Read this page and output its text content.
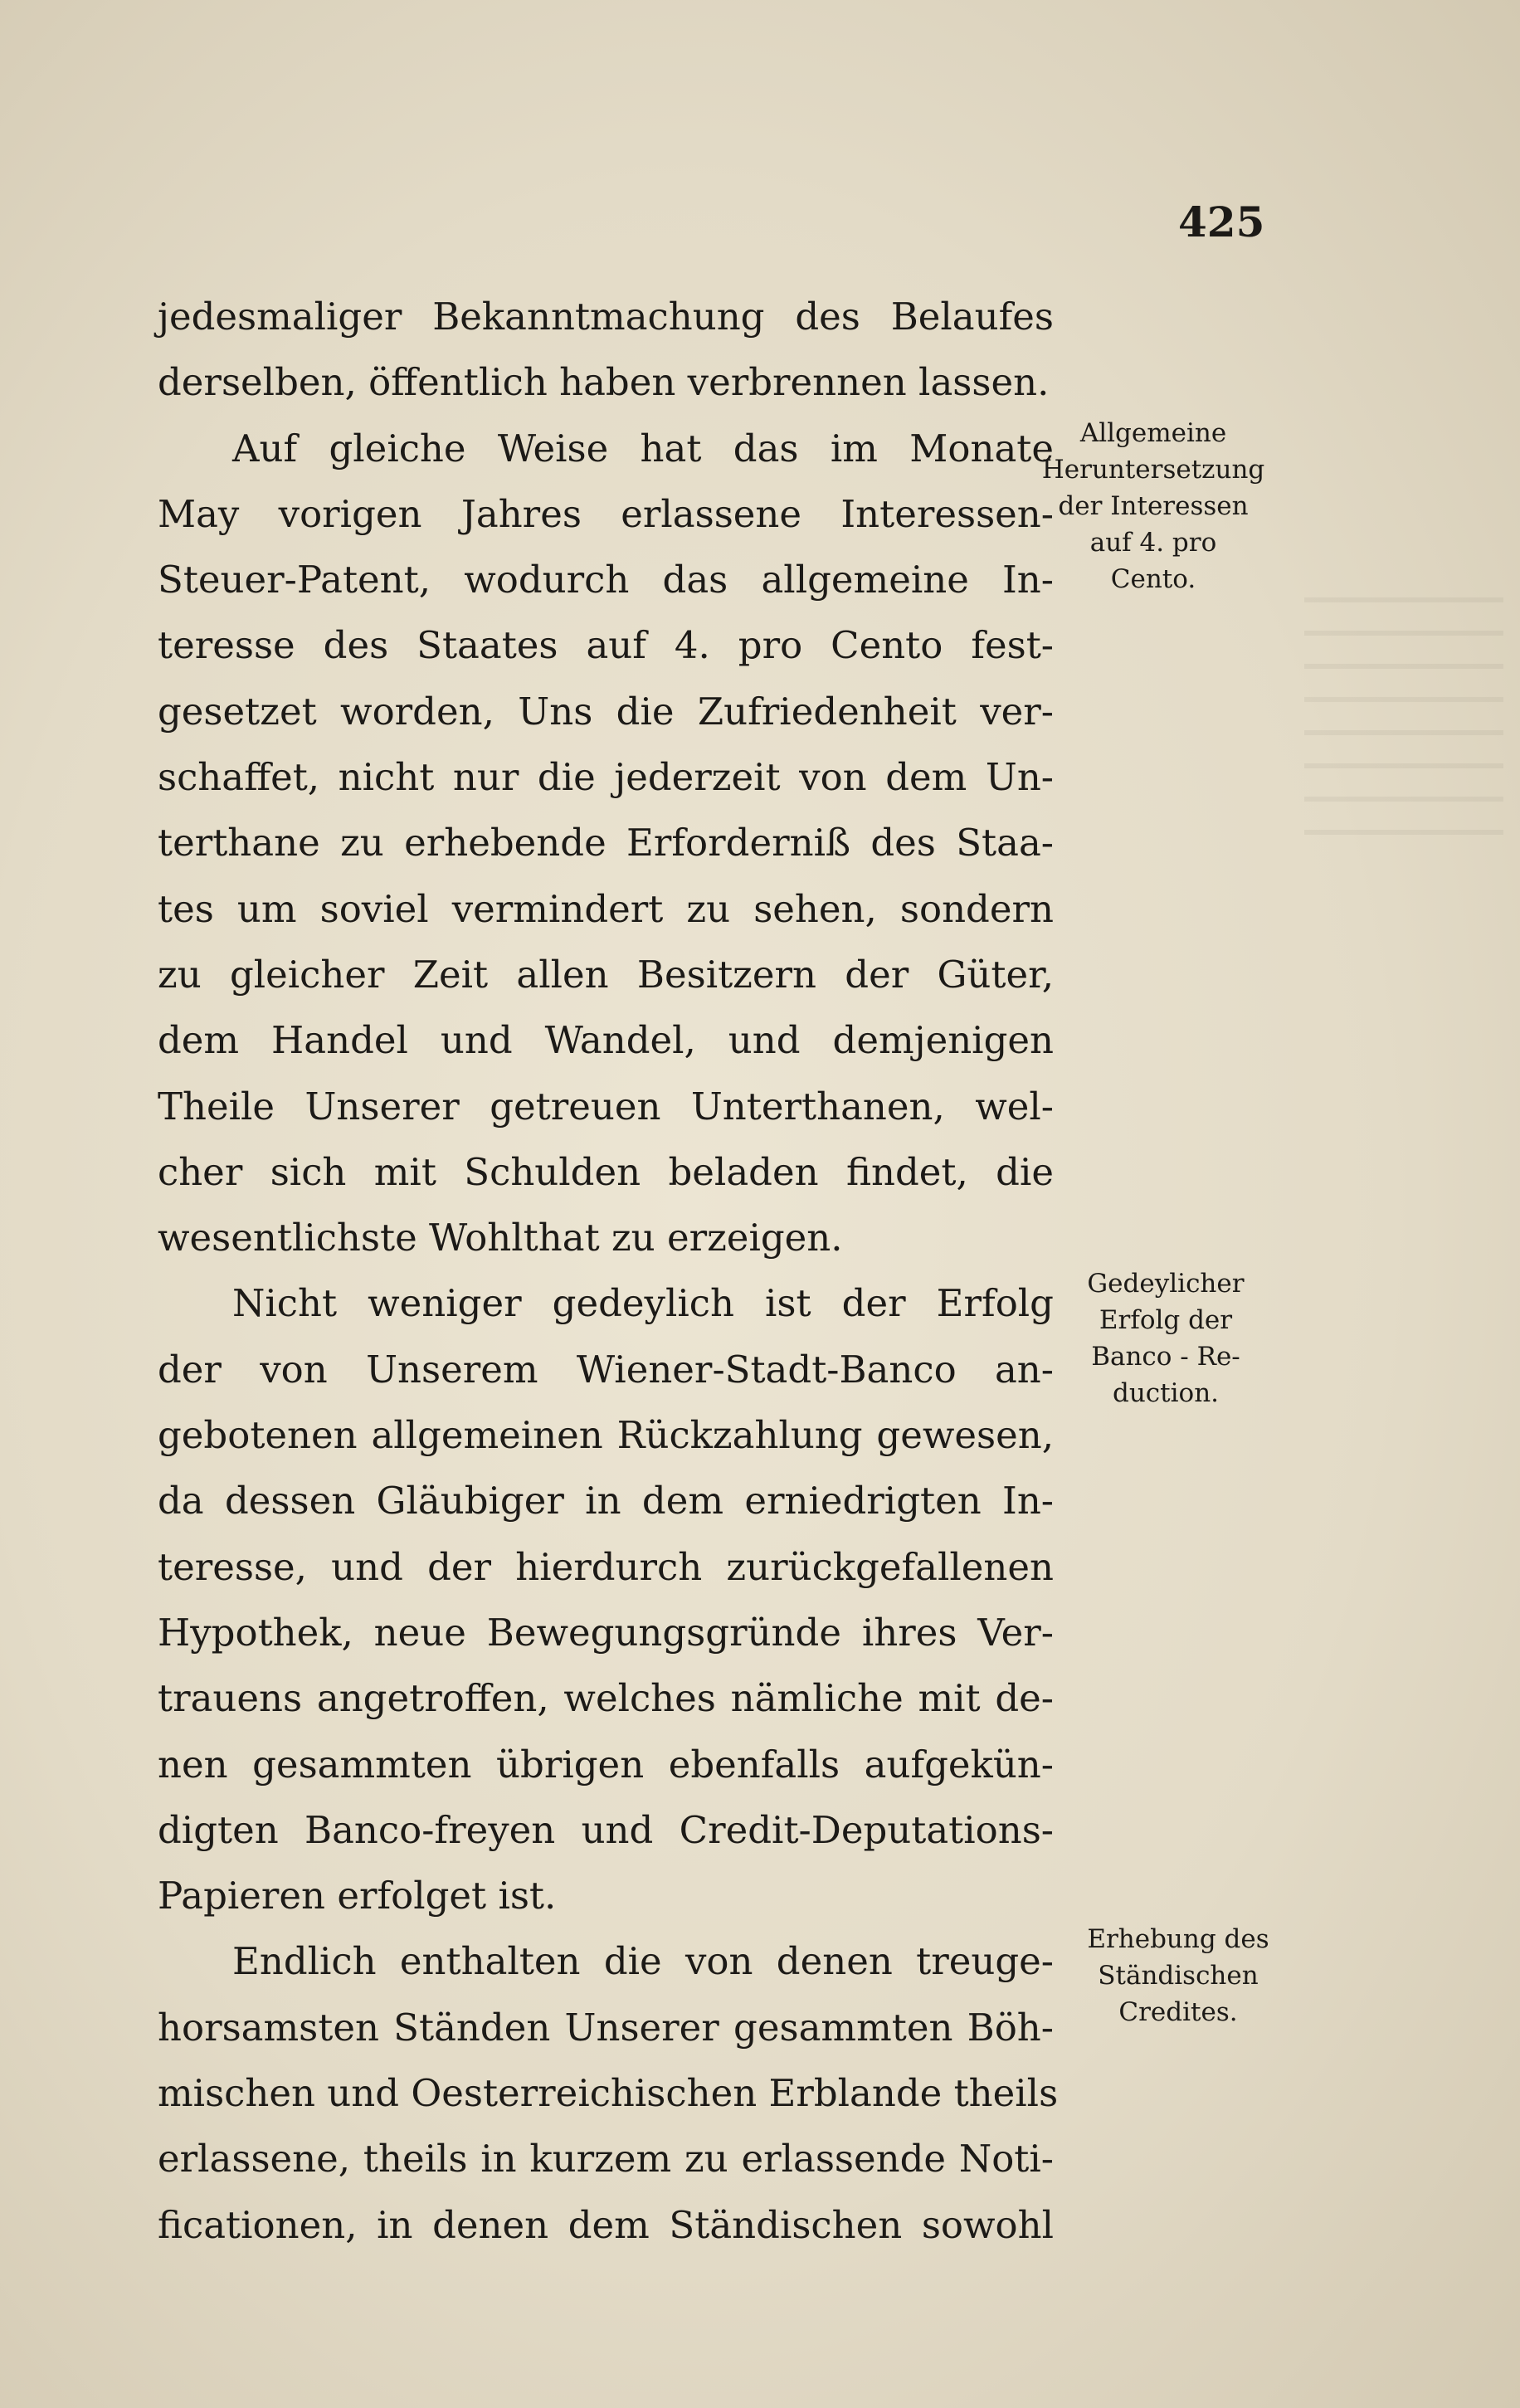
425
jedesmaliger Bekanntmachung des Belaufes
derselben, öffentlich haben verbrennen lassen.
Auf gleiche Weise hat das im Monate
May vorigen Jahres erlassene Interessen-
Steuer-Patent, wodurch das allgemeine In-
teresse des Staates auf 4. pro Cento fest-
gesetzet worden, Uns die Zufriedenheit ver-
schaffet, nicht nur die jederzeit von dem Un-
terthane zu erhebende Erforderniß des Staa-
tes um soviel vermindert zu sehen, sondern
zu gleicher Zeit allen Besitzern der Güter,
dem Handel und Wandel, und demjenigen
Theile Unserer getreuen Unterthanen, wel-
cher sich mit Schulden beladen findet, die
wesentlichste Wohlthat zu erzeigen.
Nicht weniger gedeylich ist der Erfolg
der von Unserem Wiener-Stadt-Banco an-
gebotenen allgemeinen Rückzahlung gewesen,
da dessen Gläubiger in dem erniedrigten In-
teresse, und der hierdurch zurückgefallenen
Hypothek, neue Bewegungsgründe ihres Ver-
trauens angetroffen, welches nämliche mit de-
nen gesammten übrigen ebenfalls aufgekün-
digten Banco-freyen und Credit-Deputations-
Papieren erfolget ist.
Endlich enthalten die von denen treuge-
horsamsten Ständen Unserer gesammten Böh-
mischen und Oesterreichischen Erblande theils
erlassene, theils in kurzem zu erlassende Noti-
ficationen, in denen dem Ständischen sowohl
Allgemeine
Heruntersetzung
der Interessen
auf 4. pro
Cento.
Gedeylicher
Erfolg der
Banco - Re-
duction.
Erhebung des
Ständischen
Credites.
